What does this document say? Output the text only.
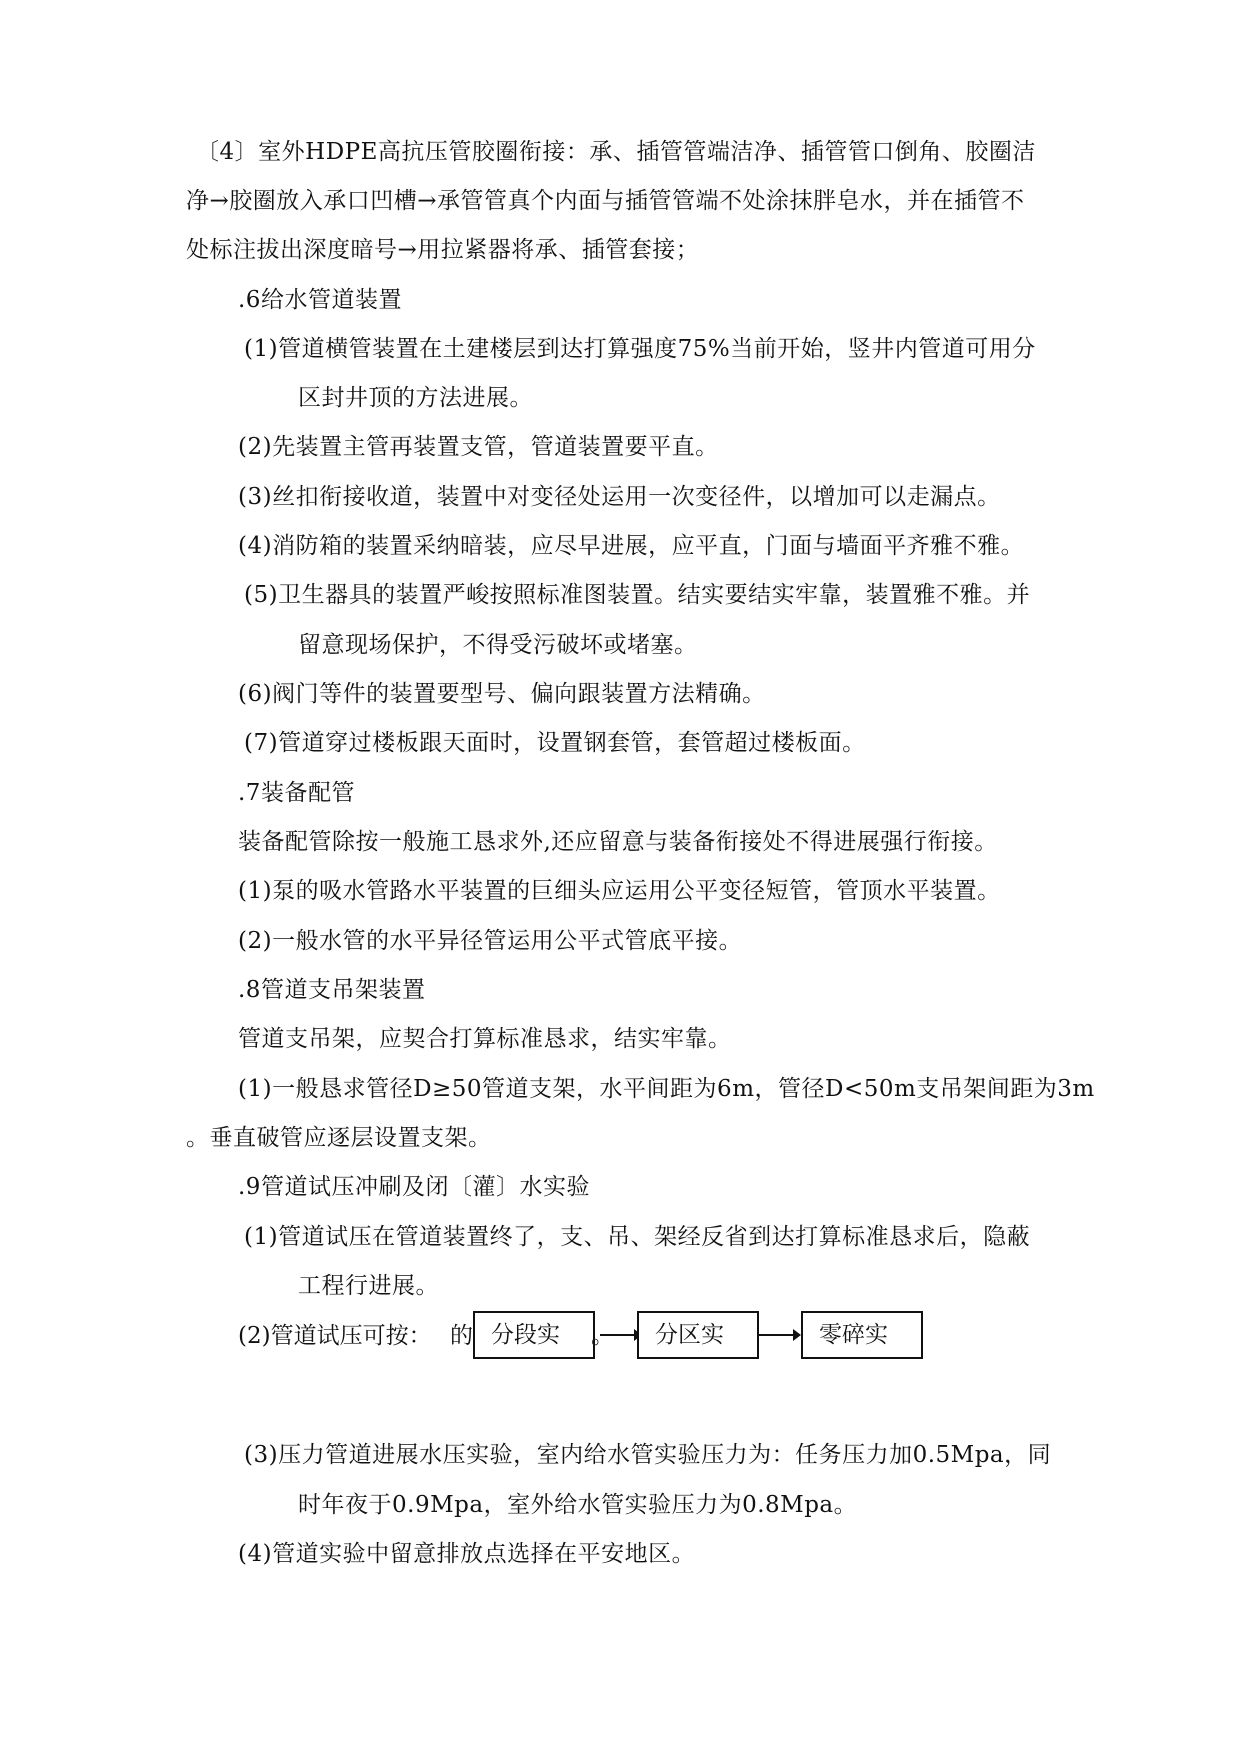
〔4〕室外HDPE高抗压管胶圈衔接：承、插管管端洁净、插管管口倒角、胶圈洁
净→胶圈放入承口凹槽→承管管真个内面与插管管端不处涂抹胖皂水，并在插管不
处标注拔出深度暗号→用拉紧器将承、插管套接；
.6给水管道装置
(1)管道横管装置在土建楼层到达打算强度75%当前开始，竖井内管道可用分
区封井顶的方法进展。
(2)先装置主管再装置支管，管道装置要平直。
(3)丝扣衔接收道，装置中对变径处运用一次变径件，以增加可以走漏点。
(4)消防箱的装置采纳暗装，应尽早进展，应平直，门面与墙面平齐雅不雅。
(5)卫生器具的装置严峻按照标准图装置。结实要结实牢靠，装置雅不雅。并
留意现场保护，不得受污破坏或堵塞。
(6)阀门等件的装置要型号、偏向跟装置方法精确。
(7)管道穿过楼板跟天面时，设置钢套管，套管超过楼板面。
.7装备配管
装备配管除按一般施工恳求外,还应留意与装备衔接处不得进展强行衔接。
(1)泵的吸水管路水平装置的巨细头应运用公平变径短管，管顶水平装置。
(2)一般水管的水平异径管运用公平式管底平接。
.8管道支吊架装置
管道支吊架，应契合打算标准恳求，结实牢靠。
(1)一般恳求管径D≥50管道支架，水平间距为6m，管径D<50m支吊架间距为3m
。垂直破管应逐层设置支架。
.9管道试压冲刷及闭〔灌〕水实验
(1)管道试压在管道装置终了，支、吊、架经反省到达打算标准恳求后，隐蔽
工程行进展。
(2)管道试压可按： 的 分段实	。	分区实	零碎实
(3)压力管道进展水压实验，室内给水管实验压力为：任务压力加0.5Mpa，同
时年夜于0.9Mpa，室外给水管实验压力为0.8Mpa。
(4)管道实验中留意排放点选择在平安地区。
